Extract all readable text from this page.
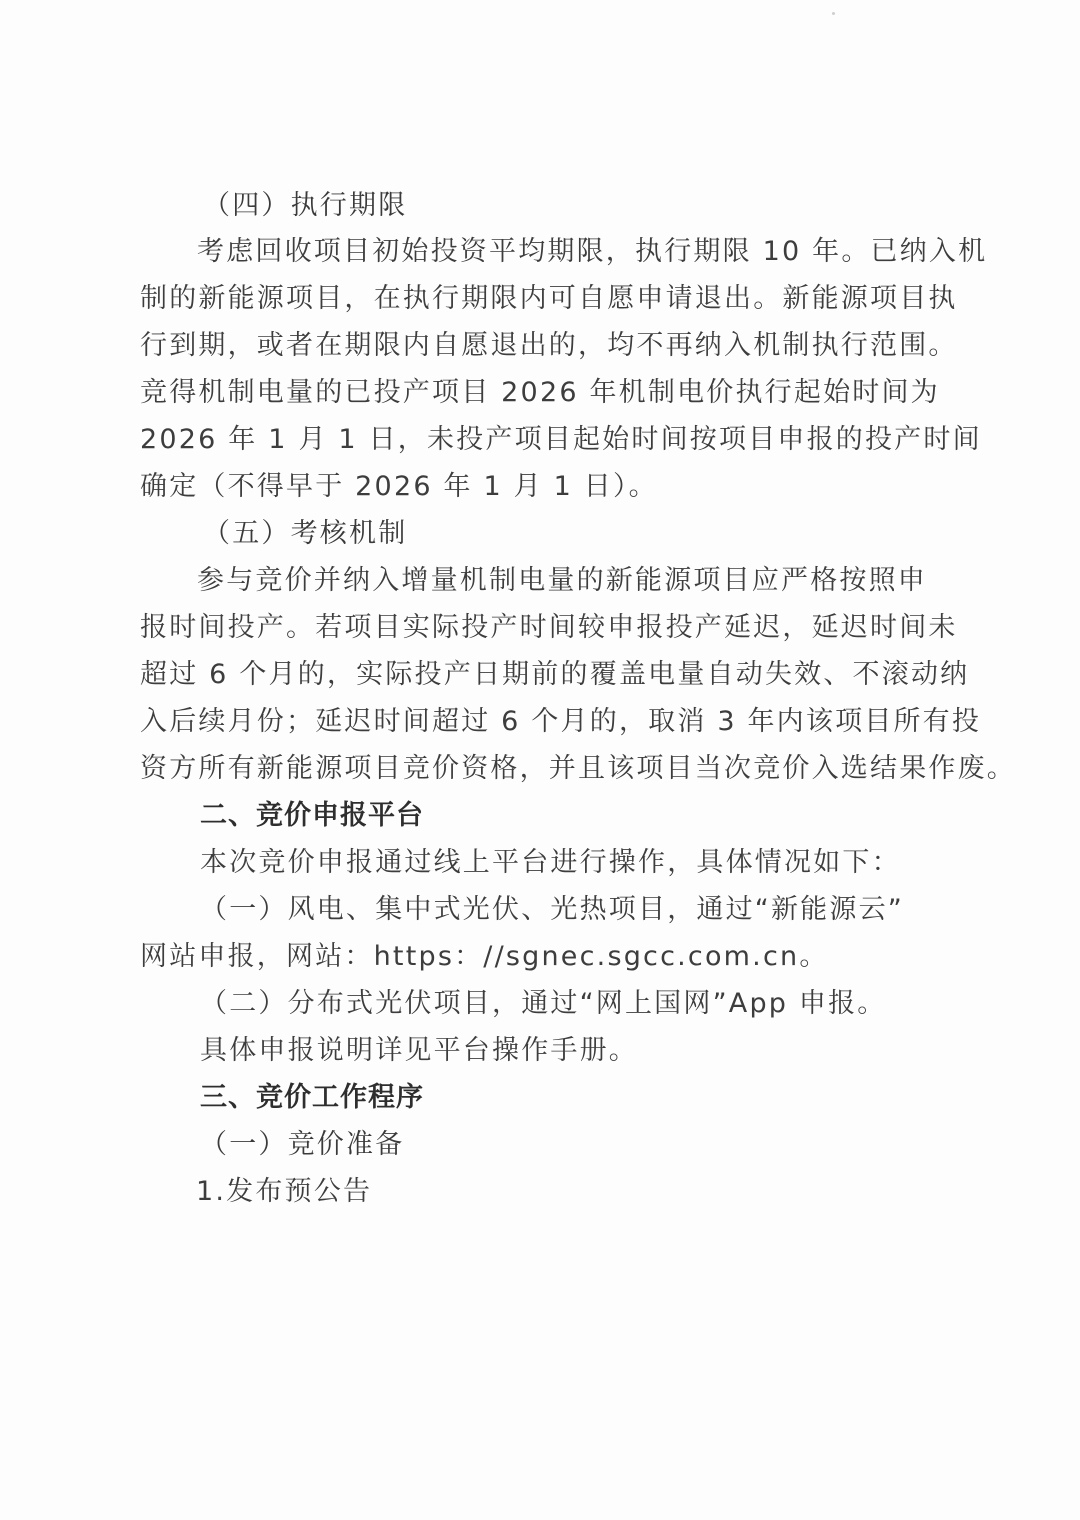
（四）执行期限
考虑回收项目初始投资平均期限，执行期限 10 年。已纳入机
制的新能源项目，在执行期限内可自愿申请退出。新能源项目执
行到期，或者在期限内自愿退出的，均不再纳入机制执行范围。
竞得机制电量的已投产项目 2026 年机制电价执行起始时间为
2026 年 1 月 1 日，未投产项目起始时间按项目申报的投产时间
确定（不得早于 2026 年 1 月 1 日）。
（五）考核机制
参与竞价并纳入增量机制电量的新能源项目应严格按照申
报时间投产。若项目实际投产时间较申报投产延迟，延迟时间未
超过 6 个月的，实际投产日期前的覆盖电量自动失效、不滚动纳
入后续月份；延迟时间超过 6 个月的，取消 3 年内该项目所有投
资方所有新能源项目竞价资格，并且该项目当次竞价入选结果作废。
二、竞价申报平台
本次竞价申报通过线上平台进行操作，具体情况如下：
（一）风电、集中式光伏、光热项目，通过“新能源云”
网站申报，网站：https：//sgnec.sgcc.com.cn。
（二）分布式光伏项目，通过“网上国网”App 申报。
具体申报说明详见平台操作手册。
三、竞价工作程序
（一）竞价准备
1.发布预公告
